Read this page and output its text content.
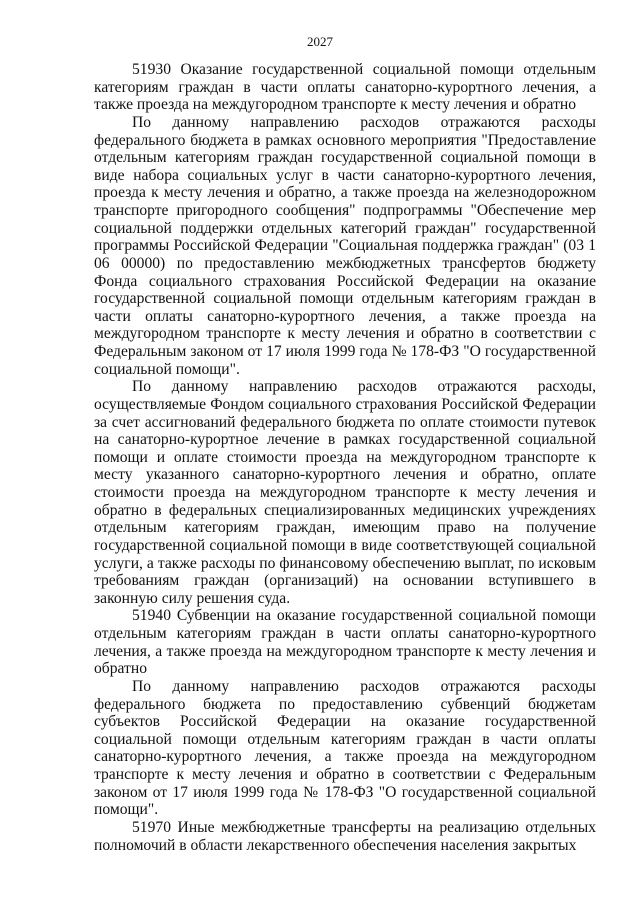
2027

51930 Оказание государственной социальной помощи отдельным категориям граждан в части оплаты санаторно-курортного лечения, а также проезда на междугородном транспорте к месту лечения и обратно

По данному направлению расходов отражаются расходы федерального бюджета в рамках основного мероприятия "Предоставление отдельным категориям граждан государственной социальной помощи в виде набора социальных услуг в части санаторно-курортного лечения, проезда к месту лечения и обратно, а также проезда на железнодорожном транспорте пригородного сообщения" подпрограммы "Обеспечение мер социальной поддержки отдельных категорий граждан" государственной программы Российской Федерации "Социальная поддержка граждан" (03 1 06 00000) по предоставлению межбюджетных трансфертов бюджету Фонда социального страхования Российской Федерации на оказание государственной социальной помощи отдельным категориям граждан в части оплаты санаторно-курортного лечения, а также проезда на междугородном транспорте к месту лечения и обратно в соответствии с Федеральным законом от 17 июля 1999 года № 178-ФЗ "О государственной социальной помощи".

По данному направлению расходов отражаются расходы, осуществляемые Фондом социального страхования Российской Федерации за счет ассигнований федерального бюджета по оплате стоимости путевок на санаторно-курортное лечение в рамках государственной социальной помощи и оплате стоимости проезда на междугородном транспорте к месту указанного санаторно-курортного лечения и обратно, оплате стоимости проезда на междугородном транспорте к месту лечения и обратно в федеральных специализированных медицинских учреждениях отдельным категориям граждан, имеющим право на получение государственной социальной помощи в виде соответствующей социальной услуги, а также расходы по финансовому обеспечению выплат, по исковым требованиям граждан (организаций) на основании вступившего в законную силу решения суда.

51940 Субвенции на оказание государственной социальной помощи отдельным категориям граждан в части оплаты санаторно-курортного лечения, а также проезда на междугородном транспорте к месту лечения и обратно

По данному направлению расходов отражаются расходы федерального бюджета по предоставлению субвенций бюджетам субъектов Российской Федерации на оказание государственной социальной помощи отдельным категориям граждан в части оплаты санаторно-курортного лечения, а также проезда на междугородном транспорте к месту лечения и обратно в соответствии с Федеральным законом от 17 июля 1999 года № 178-ФЗ "О государственной социальной помощи".

51970 Иные межбюджетные трансферты на реализацию отдельных полномочий в области лекарственного обеспечения населения закрытых
